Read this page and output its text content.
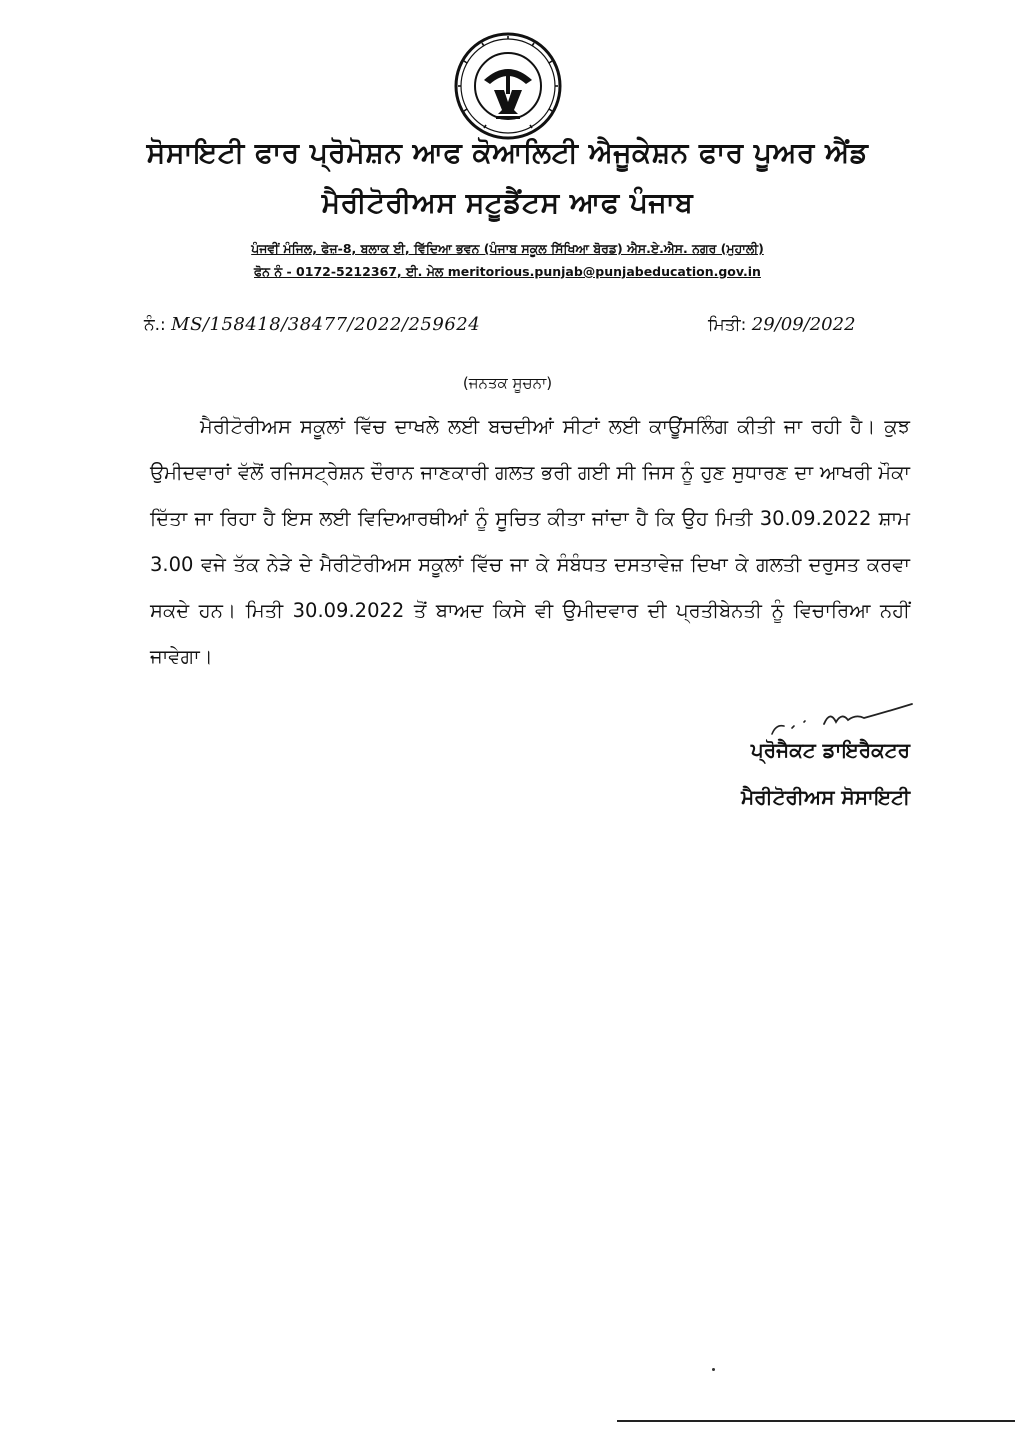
ਸੋਸਾਇਟੀ ਫਾਰ ਪ੍ਰੋਮੋਸ਼ਨ ਆਫ ਕੋਆਲਿਟੀ ਐਜੂਕੇਸ਼ਨ ਫਾਰ ਪੂਅਰ ਐਂਡ
ਮੈਰੀਟੋਰੀਅਸ ਸਟੂਡੈਂਟਸ ਆਫ ਪੰਜਾਬ
ਪੰਜਵੀਂ ਮੰਜਿਲ, ਫੇਜ਼-8, ਬਲਾਕ ਈ, ਵਿੱਦਿਆ ਭਵਨ (ਪੰਜਾਬ ਸਕੂਲ ਸਿੱਖਿਆ ਬੋਰਡ) ਐਸ.ਏ.ਐਸ. ਨਗਰ (ਮੁਹਾਲੀ)
ਫੋਨ ਨੰ - 0172-5212367, ਈ. ਮੇਲ meritorious.punjab@punjabeducation.gov.in
ਨੰ.: MS/158418/38477/2022/259624	ਮਿਤੀ: 29/09/2022
(ਜਨਤਕ ਸੂਚਨਾ)
ਮੈਰੀਟੋਰੀਅਸ ਸਕੂਲਾਂ ਵਿੱਚ ਦਾਖਲੇ ਲਈ ਬਚਦੀਆਂ ਸੀਟਾਂ ਲਈ ਕਾਊਂਸਲਿੰਗ ਕੀਤੀ ਜਾ ਰਹੀ ਹੈ। ਕੁਝ ਉਮੀਦਵਾਰਾਂ ਵੱਲੋਂ ਰਜਿਸਟ੍ਰੇਸ਼ਨ ਦੌਰਾਨ ਜਾਣਕਾਰੀ ਗਲਤ ਭਰੀ ਗਈ ਸੀ ਜਿਸ ਨੂੰ ਹੁਣ ਸੁਧਾਰਣ ਦਾ ਆਖਰੀ ਮੌਕਾ ਦਿੱਤਾ ਜਾ ਰਿਹਾ ਹੈ ਇਸ ਲਈ ਵਿਦਿਆਰਥੀਆਂ ਨੂੰ ਸੂਚਿਤ ਕੀਤਾ ਜਾਂਦਾ ਹੈ ਕਿ ਉਹ ਮਿਤੀ 30.09.2022 ਸ਼ਾਮ 3.00 ਵਜੇ ਤੱਕ ਨੇੜੇ ਦੇ ਮੈਰੀਟੋਰੀਅਸ ਸਕੂਲਾਂ ਵਿੱਚ ਜਾ ਕੇ ਸੰਬੰਧਤ ਦਸਤਾਵੇਜ਼ ਦਿਖਾ ਕੇ ਗਲਤੀ ਦਰੁਸਤ ਕਰਵਾ ਸਕਦੇ ਹਨ। ਮਿਤੀ 30.09.2022 ਤੋਂ ਬਾਅਦ ਕਿਸੇ ਵੀ ਉਮੀਦਵਾਰ ਦੀ ਪ੍ਰਤੀਬੇਨਤੀ ਨੂੰ ਵਿਚਾਰਿਆ ਨਹੀਂ ਜਾਵੇਗਾ।
ਪ੍ਰੋਜੈਕਟ ਡਾਇਰੈਕਟਰ
ਮੈਰੀਟੋਰੀਅਸ ਸੋਸਾਇਟੀ
